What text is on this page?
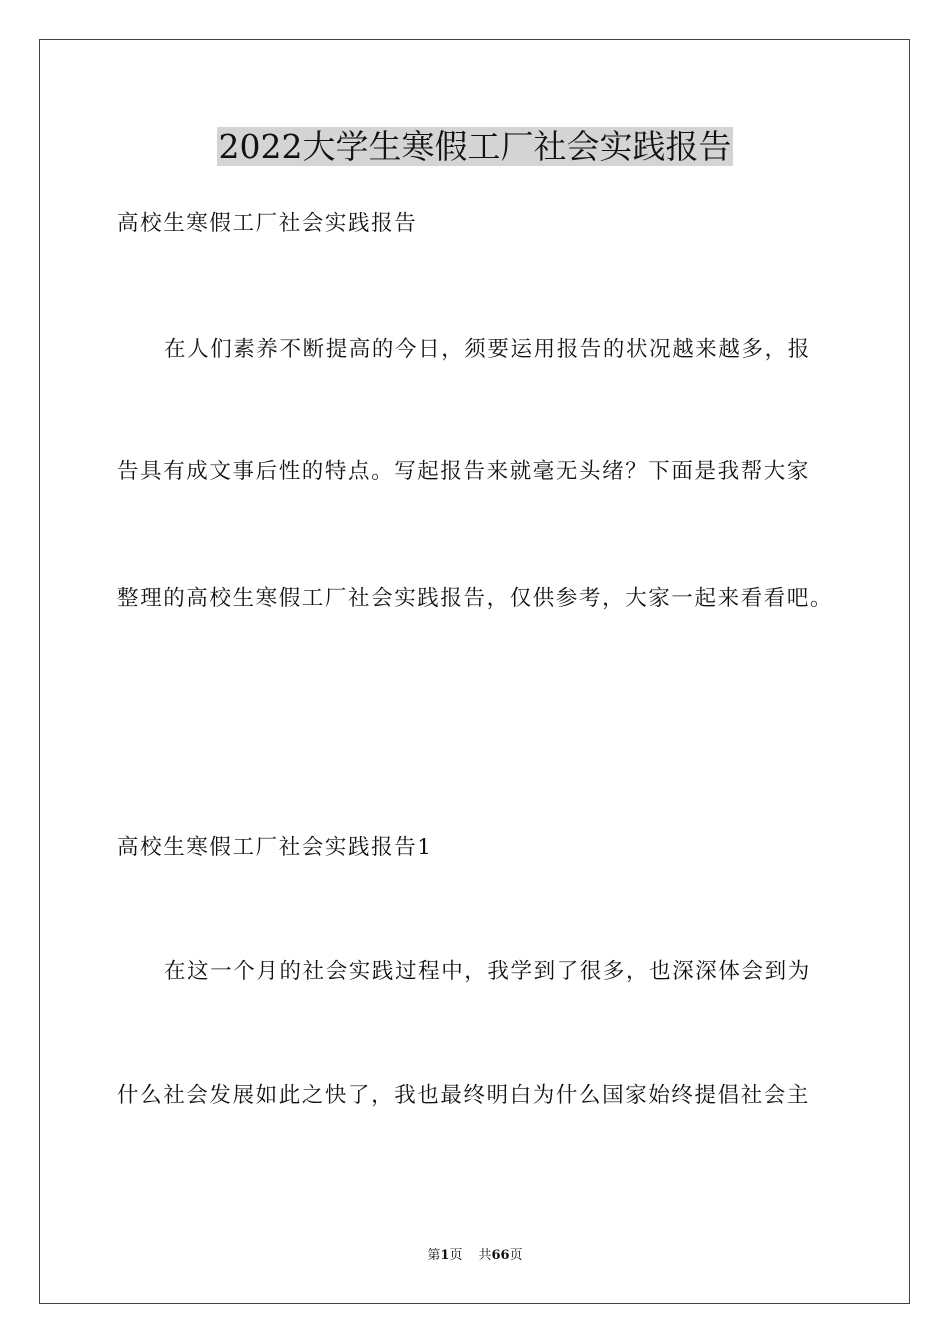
2022大学生寒假工厂社会实践报告
高校生寒假工厂社会实践报告
在人们素养不断提高的今日，须要运用报告的状况越来越多，报
告具有成文事后性的特点。写起报告来就毫无头绪？下面是我帮大家
整理的高校生寒假工厂社会实践报告，仅供参考，大家一起来看看吧。
高校生寒假工厂社会实践报告1
在这一个月的社会实践过程中，我学到了很多，也深深体会到为
什么社会发展如此之快了，我也最终明白为什么国家始终提倡社会主
第1页 共66页
